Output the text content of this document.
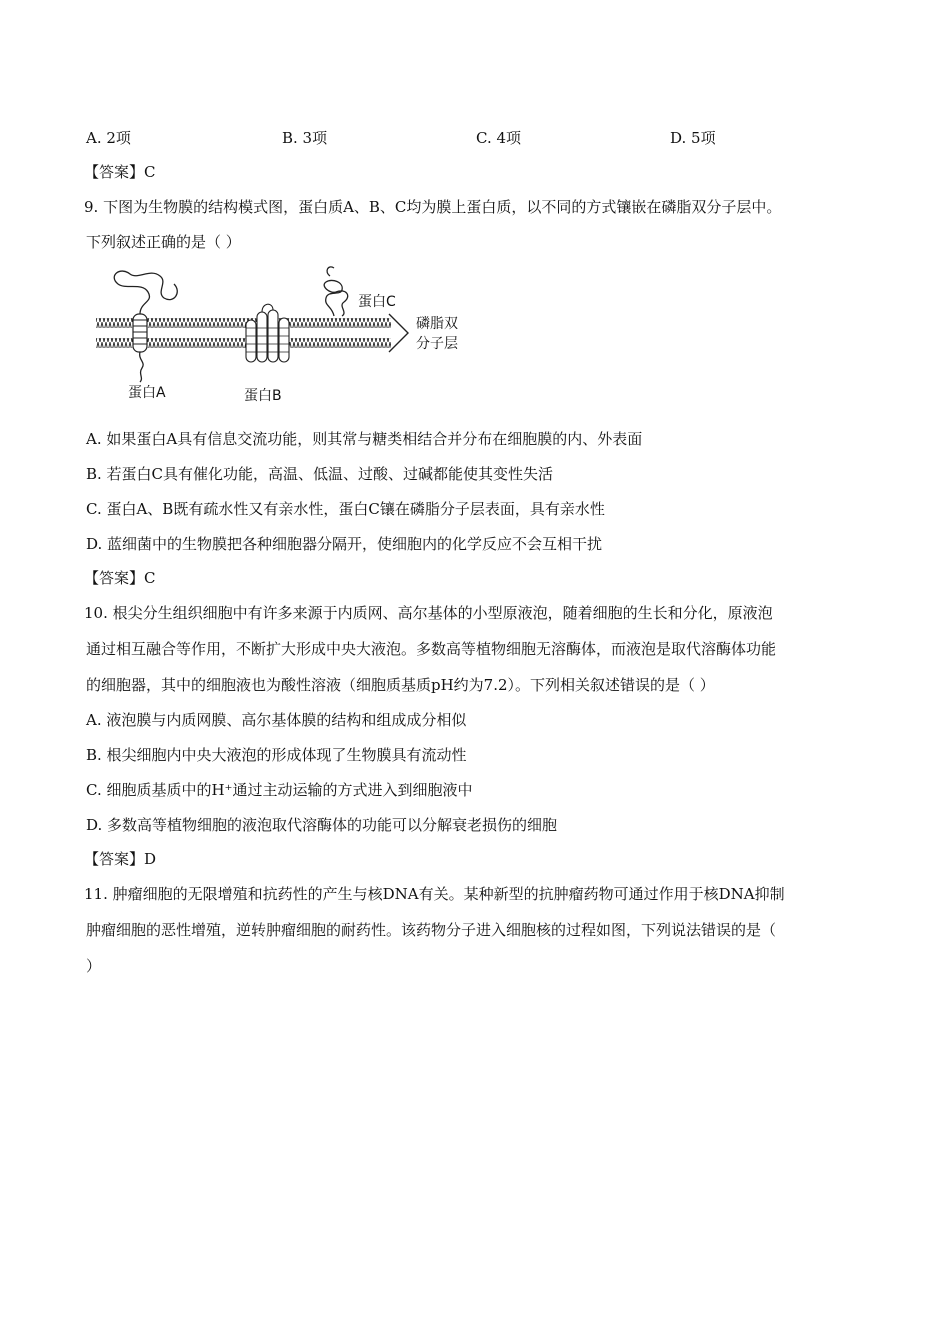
A. 2项	B. 3项	C. 4项	D. 5项
【答案】C
9. 下图为生物膜的结构模式图，蛋白质A、B、C均为膜上蛋白质，以不同的方式镶嵌在磷脂双分子层中。
下列叙述正确的是（ ）
蛋白A	蛋白B
蛋白C
磷脂双
分子层
A. 如果蛋白A具有信息交流功能，则其常与糖类相结合并分布在细胞膜的内、外表面
B. 若蛋白C具有催化功能，高温、低温、过酸、过碱都能使其变性失活
C. 蛋白A、B既有疏水性又有亲水性，蛋白C镶在磷脂分子层表面，具有亲水性
D. 蓝细菌中的生物膜把各种细胞器分隔开，使细胞内的化学反应不会互相干扰
【答案】C
10. 根尖分生组织细胞中有许多来源于内质网、高尔基体的小型原液泡，随着细胞的生长和分化，原液泡
通过相互融合等作用，不断扩大形成中央大液泡。多数高等植物细胞无溶酶体，而液泡是取代溶酶体功能
的细胞器，其中的细胞液也为酸性溶液（细胞质基质pH约为7.2）。下列相关叙述错误的是（ ）
A. 液泡膜与内质网膜、高尔基体膜的结构和组成成分相似
B. 根尖细胞内中央大液泡的形成体现了生物膜具有流动性
C. 细胞质基质中的H⁺通过主动运输的方式进入到细胞液中
D. 多数高等植物细胞的液泡取代溶酶体的功能可以分解衰老损伤的细胞
【答案】D
11. 肿瘤细胞的无限增殖和抗药性的产生与核DNA有关。某种新型的抗肿瘤药物可通过作用于核DNA抑制
肿瘤细胞的恶性增殖，逆转肿瘤细胞的耐药性。该药物分子进入细胞核的过程如图，下列说法错误的是（
）
